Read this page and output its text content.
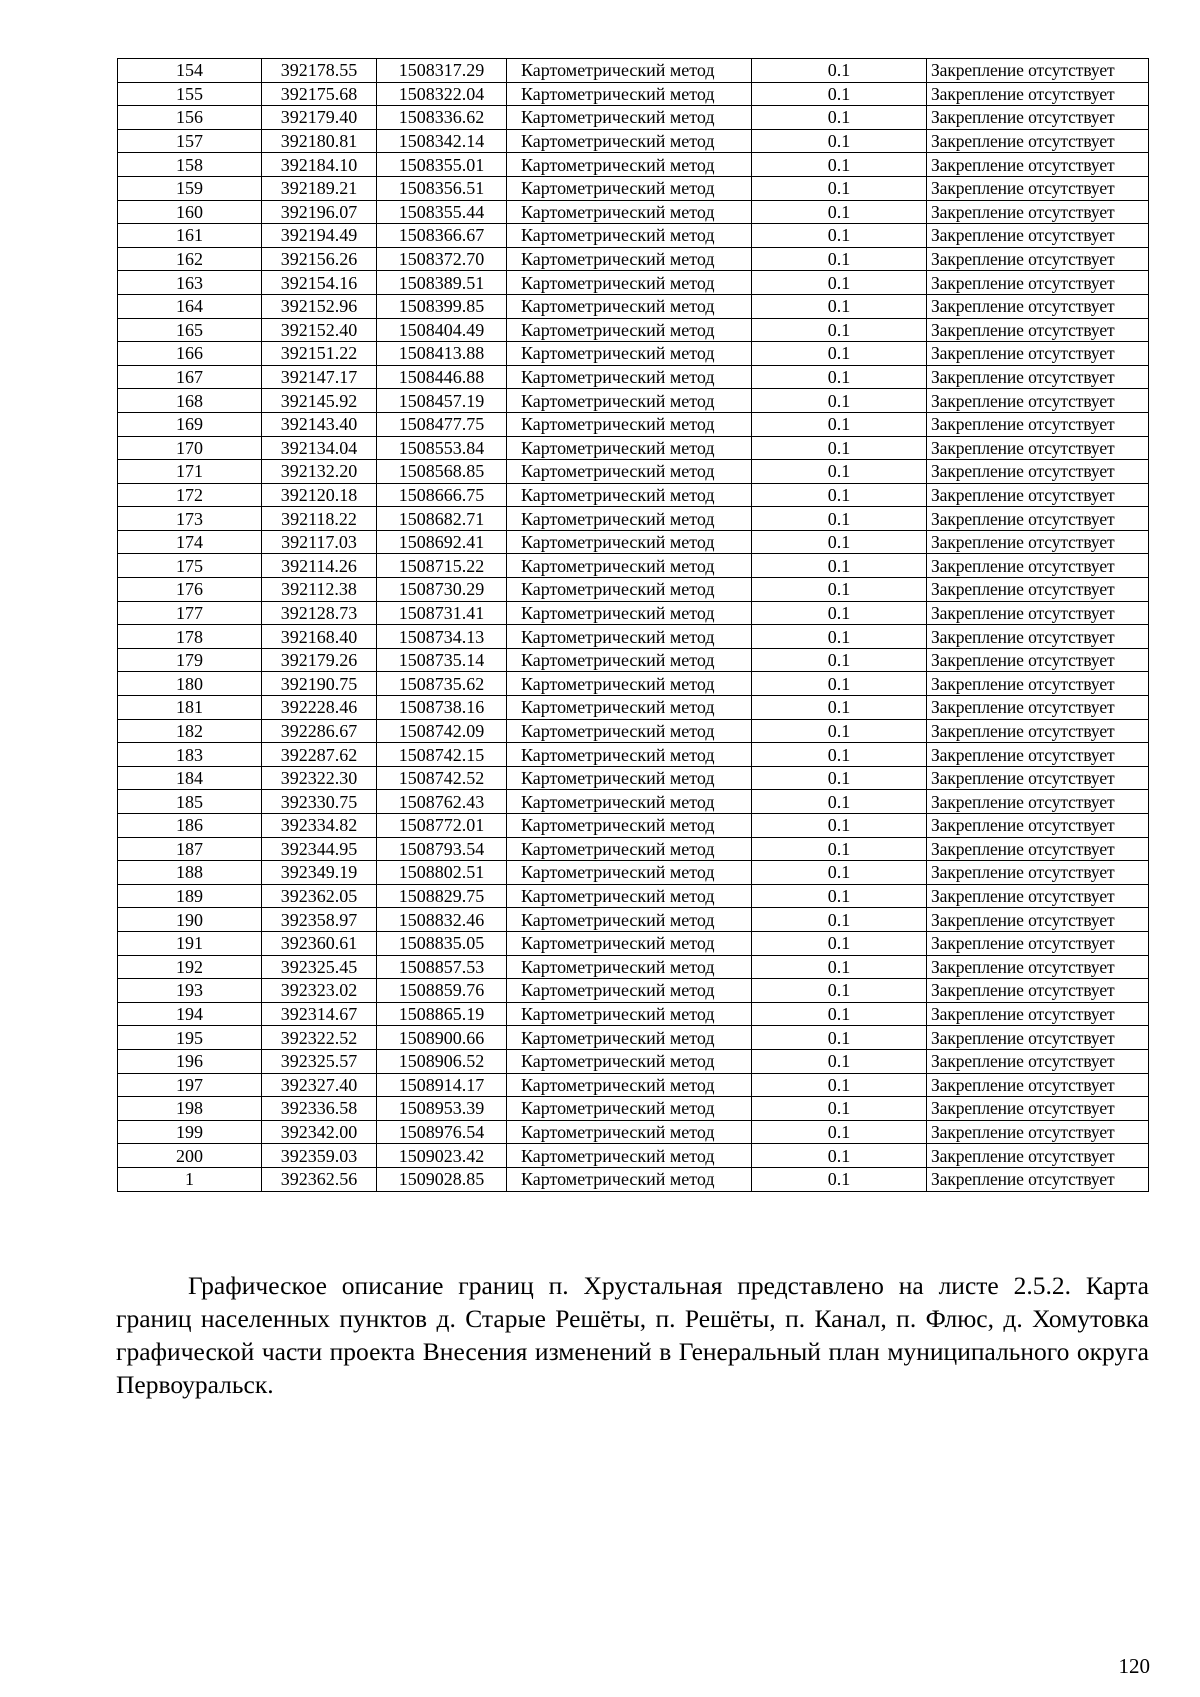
154	392178.55	1508317.29	Картометрический метод	0.1	Закрепление отсутствует
155	392175.68	1508322.04	Картометрический метод	0.1	Закрепление отсутствует
156	392179.40	1508336.62	Картометрический метод	0.1	Закрепление отсутствует
157	392180.81	1508342.14	Картометрический метод	0.1	Закрепление отсутствует
158	392184.10	1508355.01	Картометрический метод	0.1	Закрепление отсутствует
159	392189.21	1508356.51	Картометрический метод	0.1	Закрепление отсутствует
160	392196.07	1508355.44	Картометрический метод	0.1	Закрепление отсутствует
161	392194.49	1508366.67	Картометрический метод	0.1	Закрепление отсутствует
162	392156.26	1508372.70	Картометрический метод	0.1	Закрепление отсутствует
163	392154.16	1508389.51	Картометрический метод	0.1	Закрепление отсутствует
164	392152.96	1508399.85	Картометрический метод	0.1	Закрепление отсутствует
165	392152.40	1508404.49	Картометрический метод	0.1	Закрепление отсутствует
166	392151.22	1508413.88	Картометрический метод	0.1	Закрепление отсутствует
167	392147.17	1508446.88	Картометрический метод	0.1	Закрепление отсутствует
168	392145.92	1508457.19	Картометрический метод	0.1	Закрепление отсутствует
169	392143.40	1508477.75	Картометрический метод	0.1	Закрепление отсутствует
170	392134.04	1508553.84	Картометрический метод	0.1	Закрепление отсутствует
171	392132.20	1508568.85	Картометрический метод	0.1	Закрепление отсутствует
172	392120.18	1508666.75	Картометрический метод	0.1	Закрепление отсутствует
173	392118.22	1508682.71	Картометрический метод	0.1	Закрепление отсутствует
174	392117.03	1508692.41	Картометрический метод	0.1	Закрепление отсутствует
175	392114.26	1508715.22	Картометрический метод	0.1	Закрепление отсутствует
176	392112.38	1508730.29	Картометрический метод	0.1	Закрепление отсутствует
177	392128.73	1508731.41	Картометрический метод	0.1	Закрепление отсутствует
178	392168.40	1508734.13	Картометрический метод	0.1	Закрепление отсутствует
179	392179.26	1508735.14	Картометрический метод	0.1	Закрепление отсутствует
180	392190.75	1508735.62	Картометрический метод	0.1	Закрепление отсутствует
181	392228.46	1508738.16	Картометрический метод	0.1	Закрепление отсутствует
182	392286.67	1508742.09	Картометрический метод	0.1	Закрепление отсутствует
183	392287.62	1508742.15	Картометрический метод	0.1	Закрепление отсутствует
184	392322.30	1508742.52	Картометрический метод	0.1	Закрепление отсутствует
185	392330.75	1508762.43	Картометрический метод	0.1	Закрепление отсутствует
186	392334.82	1508772.01	Картометрический метод	0.1	Закрепление отсутствует
187	392344.95	1508793.54	Картометрический метод	0.1	Закрепление отсутствует
188	392349.19	1508802.51	Картометрический метод	0.1	Закрепление отсутствует
189	392362.05	1508829.75	Картометрический метод	0.1	Закрепление отсутствует
190	392358.97	1508832.46	Картометрический метод	0.1	Закрепление отсутствует
191	392360.61	1508835.05	Картометрический метод	0.1	Закрепление отсутствует
192	392325.45	1508857.53	Картометрический метод	0.1	Закрепление отсутствует
193	392323.02	1508859.76	Картометрический метод	0.1	Закрепление отсутствует
194	392314.67	1508865.19	Картометрический метод	0.1	Закрепление отсутствует
195	392322.52	1508900.66	Картометрический метод	0.1	Закрепление отсутствует
196	392325.57	1508906.52	Картометрический метод	0.1	Закрепление отсутствует
197	392327.40	1508914.17	Картометрический метод	0.1	Закрепление отсутствует
198	392336.58	1508953.39	Картометрический метод	0.1	Закрепление отсутствует
199	392342.00	1508976.54	Картометрический метод	0.1	Закрепление отсутствует
200	392359.03	1509023.42	Картометрический метод	0.1	Закрепление отсутствует
1	392362.56	1509028.85	Картометрический метод	0.1	Закрепление отсутствует

Графическое описание границ п. Хрустальная представлено на листе 2.5.2. Карта границ населенных пунктов д. Старые Решёты, п. Решёты, п. Канал, п. Флюс, д. Хомутовка графической части проекта Внесения изменений в Генеральный план муниципального округа Первоуральск.

120
